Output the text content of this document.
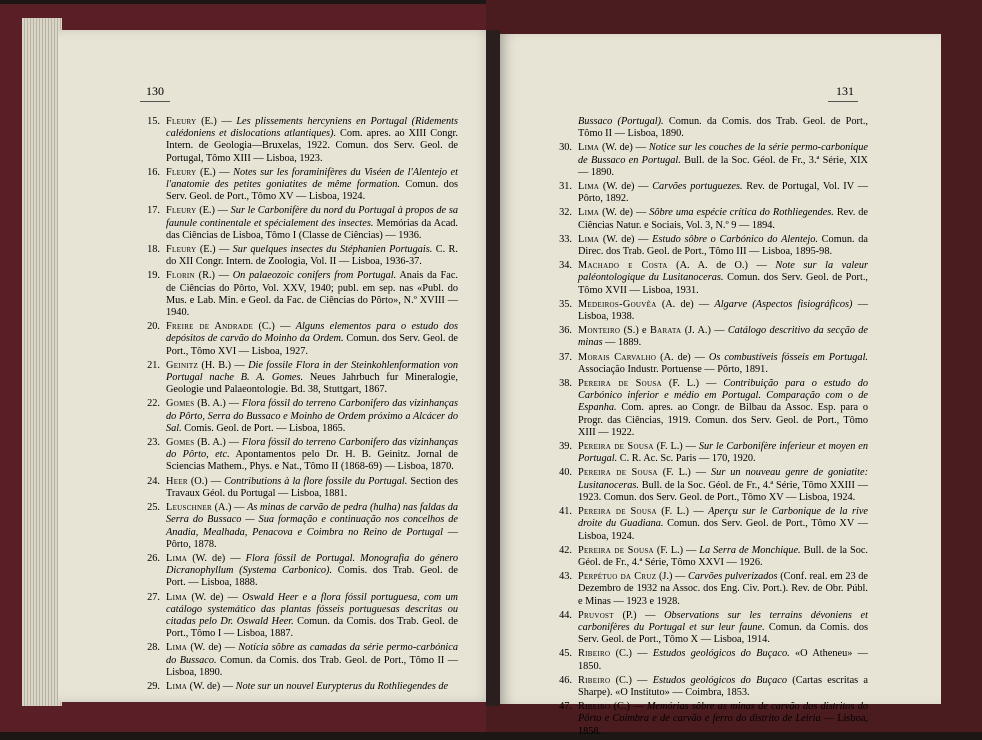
130	131
15. Fleury (E.) — Les plissements hercyniens en Portugal (Ridements calédoniens et dislocations atlantiques). Com. apres. ao XIII Congr. Intern. de Geologia—Bruxelas, 1922. Comun. dos Serv. Geol. de Portugal, Tômo XIII — Lisboa, 1923.
16. Fleury (E.) — Notes sur les foraminifères du Viséen de l'Alentejo et l'anatomie des petites goniatites de même formation. Comun. dos Serv. Geol. de Port., Tômo XV — Lisboa, 1924.
17. Fleury (E.) — Sur le Carbonifère du nord du Portugal à propos de sa faunule continentale et spécialement des insectes. Memórias da Acad. das Ciências de Lisboa, Tômo I (Classe de Ciências) — 1936.
18. Fleury (E.) — Sur quelques insectes du Stéphanien Portugais. C. R. do XII Congr. Intern. de Zoologia, Vol. II — Lisboa, 1936-37.
19. Florin (R.) — On palaeozoic conifers from Portugal. Anais da Fac. de Ciências do Pôrto, Vol. XXV, 1940; publ. em sep. nas «Publ. do Mus. e Lab. Min. e Geol. da Fac. de Ciências do Pôrto», N.º XVIII — 1940.
20. Freire de Andrade (C.) — Alguns elementos para o estudo dos depósitos de carvão do Moinho da Ordem. Comun. dos Serv. Geol. de Port., Tômo XVI — Lisboa, 1927.
21. Geinitz (H. B.) — Die fossile Flora in der Steinkohlenformation von Portugal nache B. A. Gomes. Neues Jahrbuch fur Mineralogie, Geologie und Palaeontologie. Bd. 38, Stuttgart, 1867.
22. Gomes (B. A.) — Flora fóssil do terreno Carbonifero das vizinhanças do Pôrto, Serra do Bussaco e Moinho de Ordem próximo a Alcácer do Sal. Comis. Geol. de Port. — Lisboa, 1865.
23. Gomes (B. A.) — Flora fóssil do terreno Carbonifero das vizinhanças do Pôrto, etc. Apontamentos pelo Dr. H. B. Geinitz. Jornal de Sciencias Mathem., Phys. e Nat., Tômo II (1868-69) — Lisboa, 1870.
24. Heer (O.) — Contributions à la flore fossile du Portugal. Section des Travaux Géol. du Portugal — Lisboa, 1881.
25. Leuschner (A.) — As minas de carvão de pedra (hulha) nas faldas da Serra do Bussaco — Sua formação e continuação nos concelhos de Anadia, Mealhada, Penacova e Coimbra no Reino de Portugal — Pôrto, 1878.
26. Lima (W. de) — Flora fóssil de Portugal. Monografia do género Dicranophyllum (Systema Carbonico). Comis. dos Trab. Geol. de Port. — Lisboa, 1888.
27. Lima (W. de) — Oswald Heer e a flora fóssil portuguesa, com um catálogo systemático das plantas fósseis portuguesas descritas ou citadas pelo Dr. Oswald Heer. Comun. da Comis. dos Trab. Geol. de Port., Tômo I — Lisboa, 1887.
28. Lima (W. de) — Notícia sôbre as camadas da série permo-carbónica do Bussaco. Comun. da Comis. dos Trab. Geol. de Port., Tômo II — Lisboa, 1890.
29. Lima (W. de) — Note sur un nouvel Eurypterus du Rothliegendes de
Bussaco (Portugal). Comun. da Comis. dos Trab. Geol. de Port., Tômo II — Lisboa, 1890.
30. Lima (W. de) — Notice sur les couches de la série permo-carbonique de Bussaco en Portugal. Bull. de la Soc. Géol. de Fr., 3.ª Série, XIX — 1890.
31. Lima (W. de) — Carvões portuguezes. Rev. de Portugal, Vol. IV — Pôrto, 1892.
32. Lima (W. de) — Sôbre uma espécie crítica do Rothliegendes. Rev. de Ciências Natur. e Sociais, Vol. 3, N.º 9 — 1894.
33. Lima (W. de) — Estudo sôbre o Carbónico do Alentejo. Comun. da Direc. dos Trab. Geol. de Port., Tômo III — Lisboa, 1895-98.
34. Machado e Costa (A. A. de O.) — Note sur la valeur paléontologique du Lusitanoceras. Comun. dos Serv. Geol. de Port., Tômo XVII — Lisboa, 1931.
35. Medeiros-Gouvêa (A. de) — Algarve (Aspectos fisiográficos) — Lisboa, 1938.
36. Monteiro (S.) e Barata (J. A.) — Catálogo descritivo da secção de minas — 1889.
37. Morais Carvalho (A. de) — Os combustíveis fósseis em Portugal. Associação Industr. Portuense — Pôrto, 1891.
38. Pereira de Sousa (F. L.) — Contribuição para o estudo do Carbónico inferior e médio em Portugal. Comparação com o de Espanha. Com. apres. ao Congr. de Bilbau da Assoc. Esp. para o Progr. das Ciências, 1919. Comun. dos Serv. Geol. de Port., Tômo XIII — 1922.
39. Pereira de Sousa (F. L.) — Sur le Carbonifère inferieur et moyen en Portugal. C. R. Ac. Sc. Paris — 170, 1920.
40. Pereira de Sousa (F. L.) — Sur un nouveau genre de goniatite: Lusitanoceras. Bull. de la Soc. Géol. de Fr., 4.ª Série, Tômo XXIII — 1923. Comun. dos Serv. Geol. de Port., Tômo XV — Lisboa, 1924.
41. Pereira de Sousa (F. L.) — Aperçu sur le Carbonique de la rive droite du Guadiana. Comun. dos Serv. Geol. de Port., Tômo XV — Lisboa, 1924.
42. Pereira de Sousa (F. L.) — La Serra de Monchique. Bull. de la Soc. Géol. de Fr., 4.ª Série, Tômo XXVI — 1926.
43. Perpétuo da Cruz (J.) — Carvões pulverizados (Conf. real. em 23 de Dezembro de 1932 na Assoc. dos Eng. Civ. Port.). Rev. de Obr. Públ. e Minas — 1923 e 1928.
44. Pruvost (P.) — Observations sur les terrains dévoniens et carbonifères du Portugal et sur leur faune. Comun. da Comis. dos Serv. Geol. de Port., Tômo X — Lisboa, 1914.
45. Ribeiro (C.) — Estudos geológicos do Buçaco. «O Atheneu» — 1850.
46. Ribeiro (C.) — Estudos geológicos do Buçaco (Cartas escritas a Sharpe). «O Instituto» — Coimbra, 1853.
47. Ribeiro (C.) — Memórias sôbre as minas de carvão dos distritos do Pôrto e Coimbra e de carvão e ferro do distrito de Leiria — Lisboa, 1858.
